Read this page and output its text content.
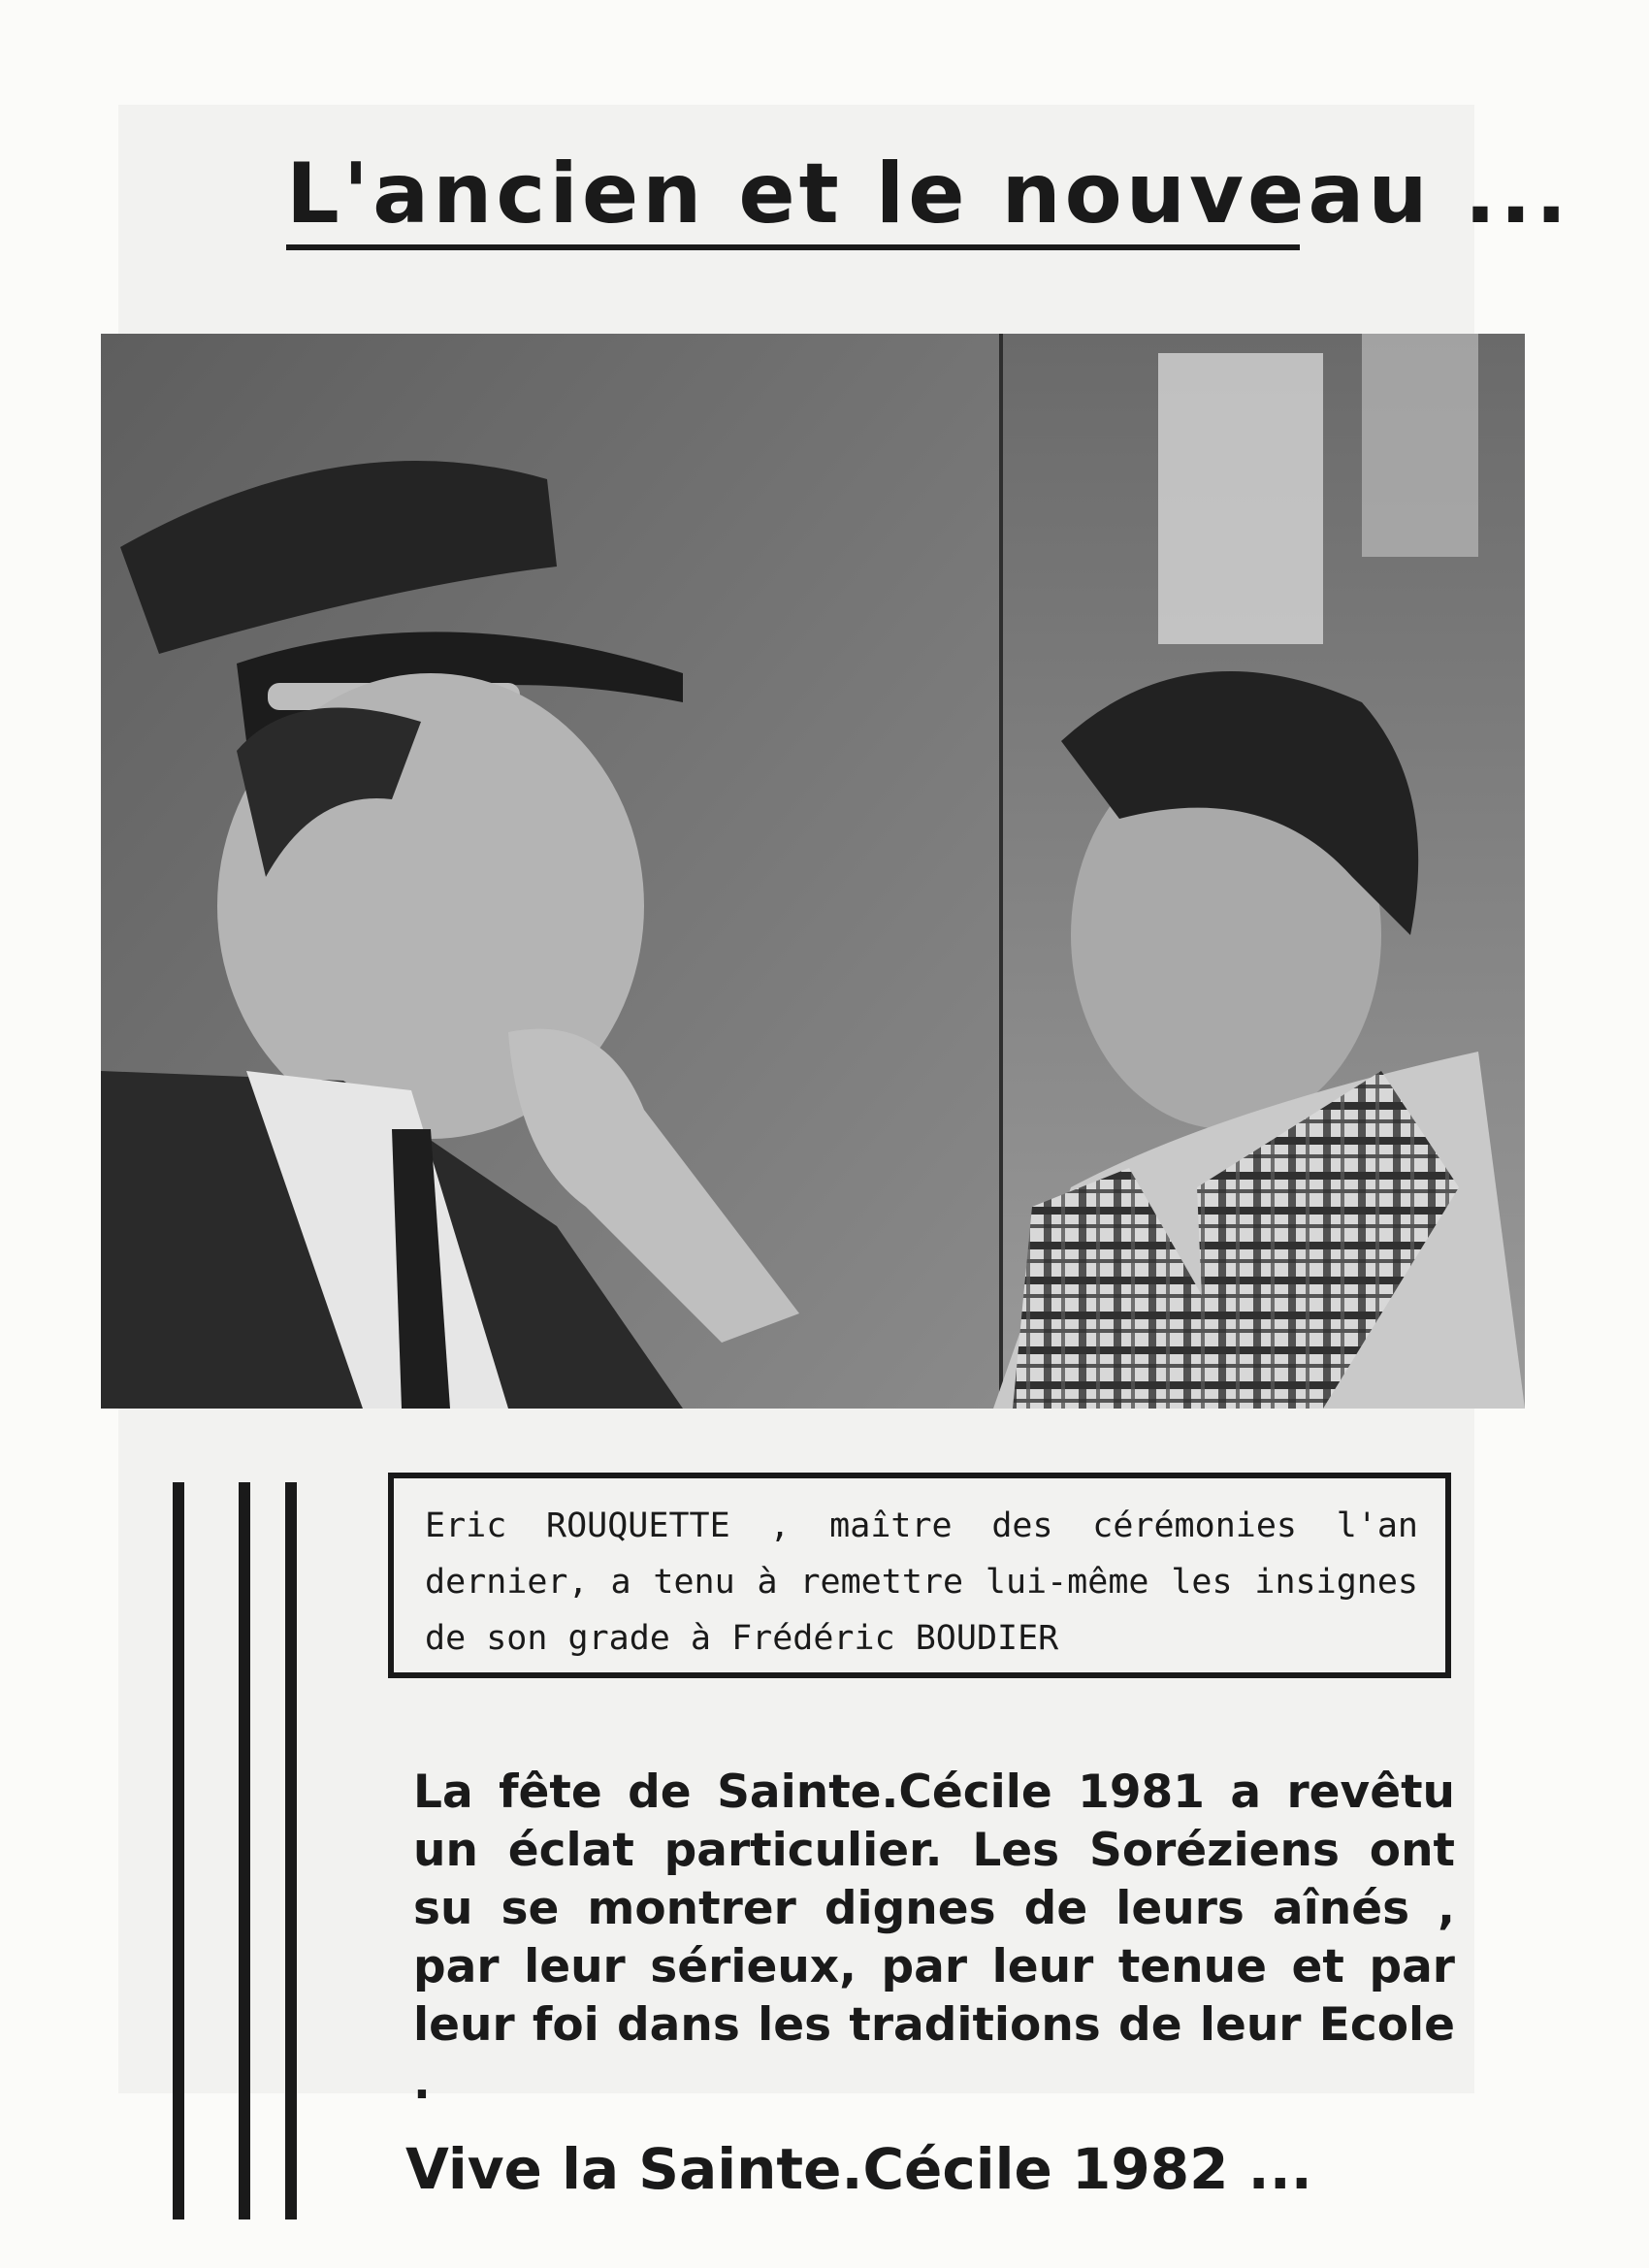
L'ancien et le nouveau ...
Eric ROUQUETTE , maître des cérémonies l'an dernier, a tenu à remettre lui-même les insignes de son grade à Frédéric BOUDIER
La fête de Sainte.Cécile 1981 a revêtu un éclat particulier. Les Soréziens ont su se montrer dignes de leurs aînés , par leur sérieux, par leur tenue et par leur foi dans les traditions de leur Ecole .
Vive la Sainte.Cécile 1982 ...
